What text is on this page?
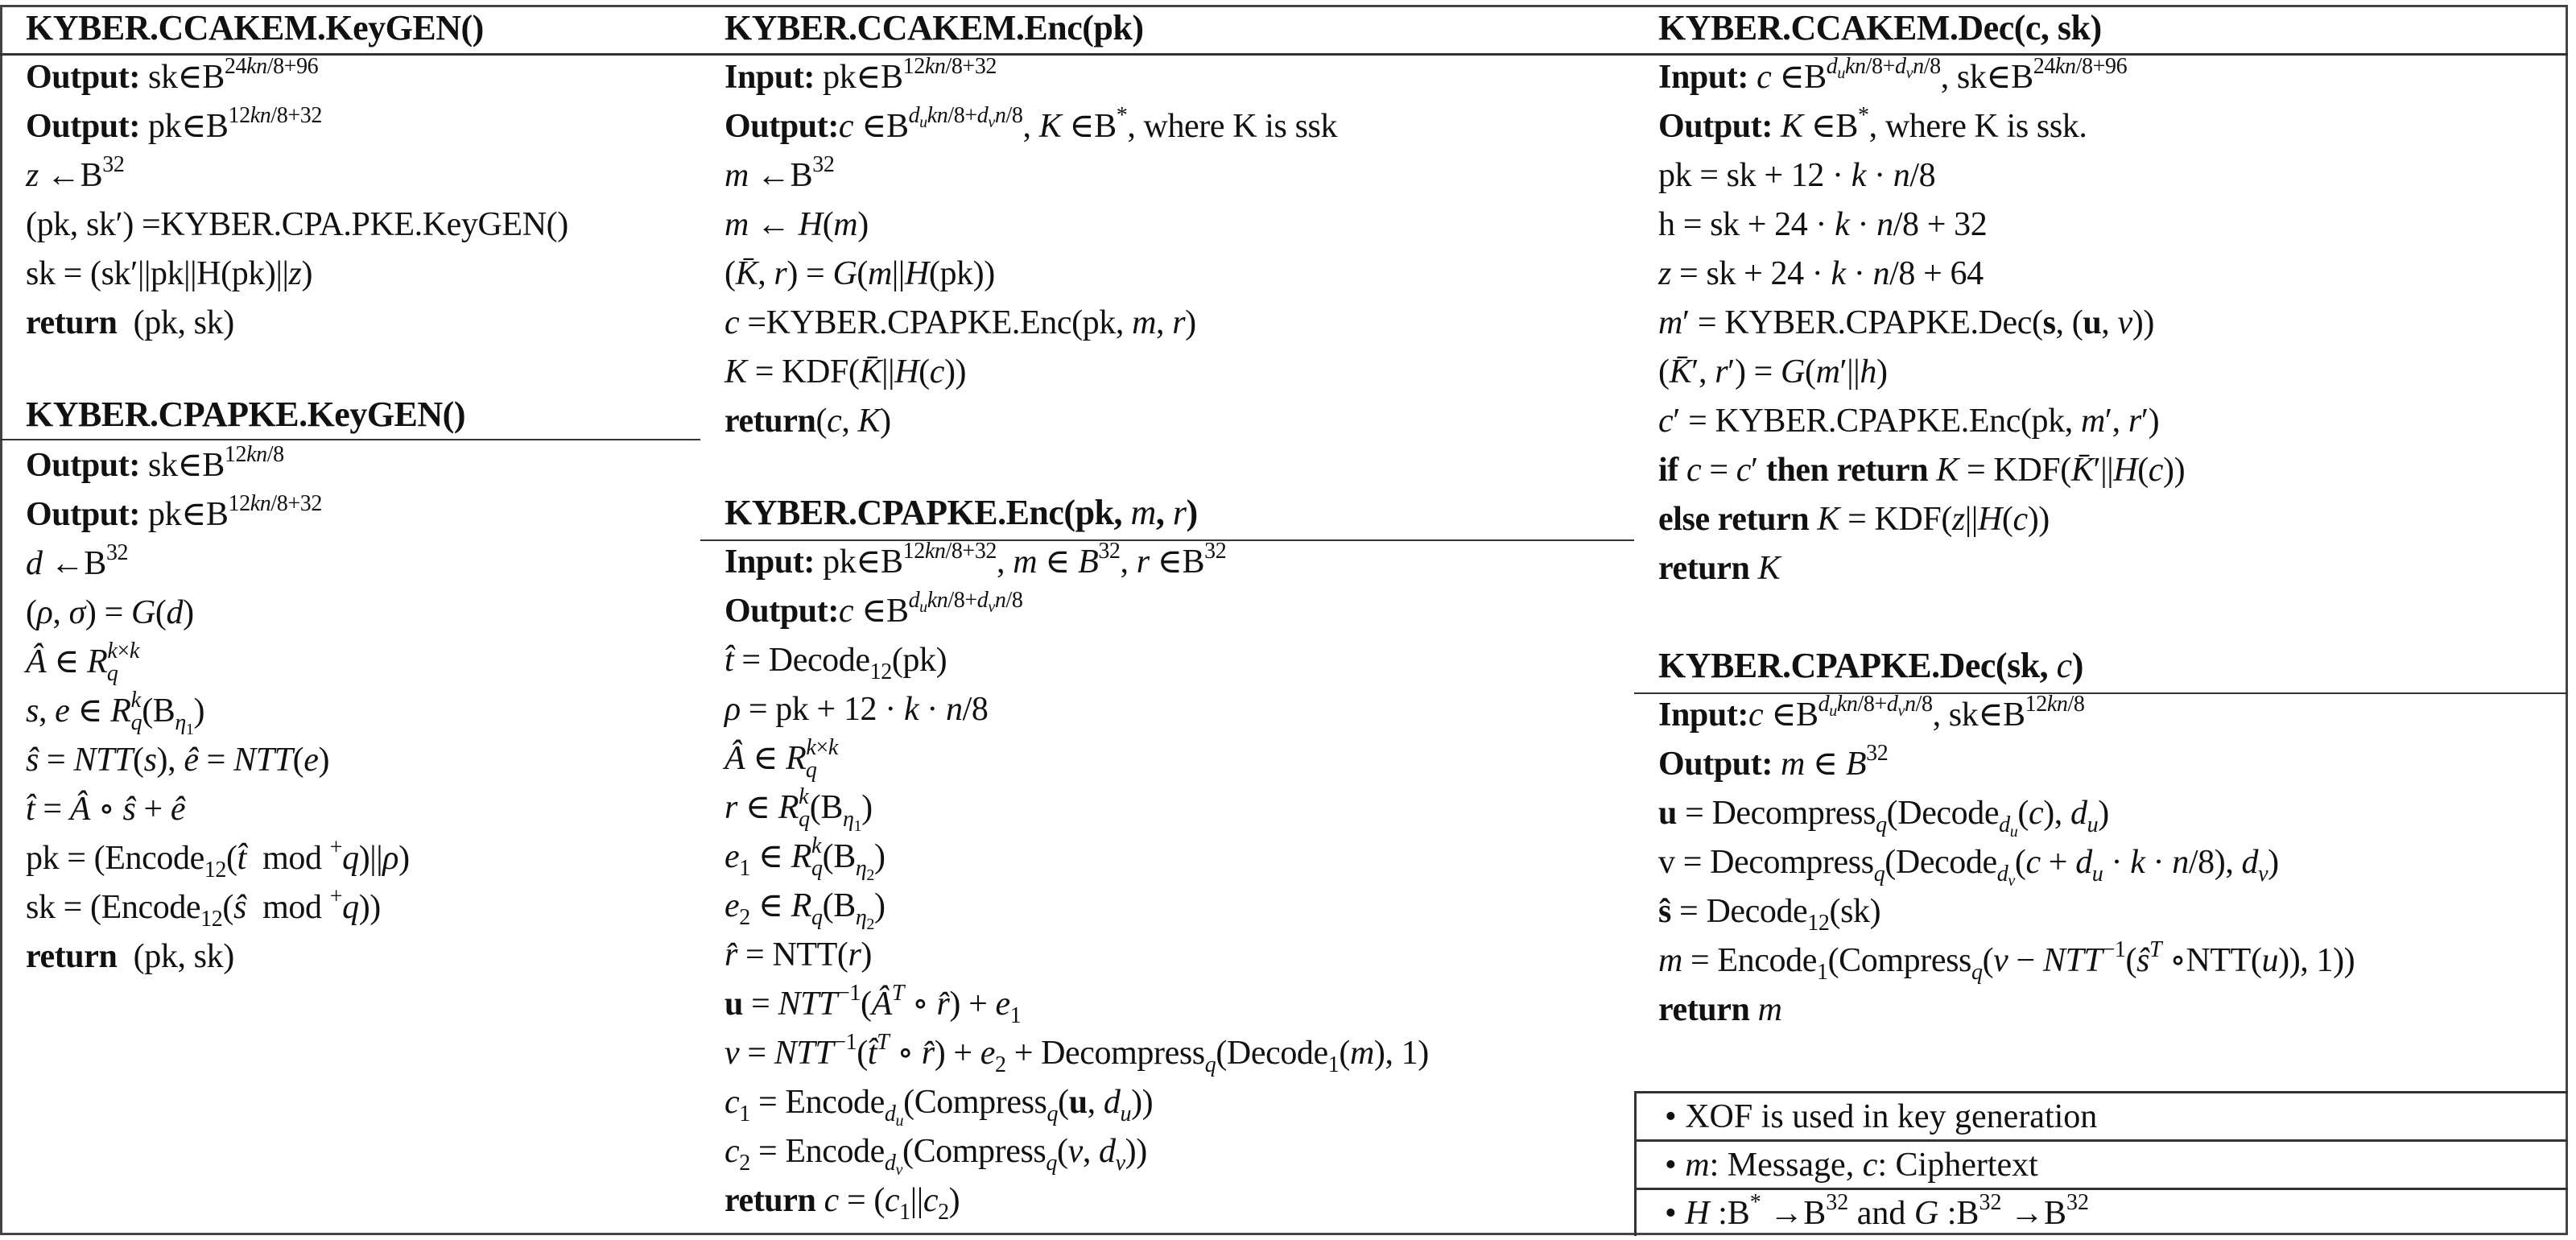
KYBER.CCAKEM.KeyGEN()
Output: $sk\in B^{24kn/8+96}$
Output: $pk\in B^{12kn/8+32}$
z $\leftarrow B^{32}$
(pk, sk′) =KYBER.CPA.PKE.KeyGEN()
sk = (sk′||pk||H(pk)||z)
return  (pk, sk)
KYBER.CPAPKE.KeyGEN()
Output: $sk\in B^{12kn/8}$
Output: $pk\in B^{12kn/8+32}$
d $\leftarrow B^{32}$
(ρ, σ) = G(d)
Â ∈ $R^{k\times k}_q$
s, e ∈ $R^k_q(B_{\eta_1})$
ŝ = NTT(s), ê = NTT(e)
t̂ = Â ∘ ŝ + ê
pk = (Encode$_{12}$(t̂  mod +q)||ρ)
sk = (Encode$_{12}$(ŝ  mod +q))
return  (pk, sk)
KYBER.CCAKEM.Enc(pk)
Input: $pk\in B^{12kn/8+32}$
Output:c $\in B^{d_ukn/8+d_vn/8}$, K ∈B*, where K is ssk
m $\leftarrow B^{32}$
m ← H(m)
(K̄, r) = G(m||H(pk))
c =KYBER.CPAPKE.Enc(pk, m, r)
K = KDF(K̄||H(c))
return(c, K)
KYBER.CPAPKE.Enc(pk, m, r)
Input: $pk\in B^{12kn/8+32}$, m ∈ $B^{32}$, r $\in B^{32}$
Output:c $\in B^{d_ukn/8+d_vn/8}$
t̂ = Decode$_{12}$(pk)
ρ = pk + 12 · k · n/8
Â ∈ $R^{k\times k}_q$
r ∈ $R^k_q(B_{\eta_1})$
$e_1$ ∈ $R^k_q(B_{\eta_2})$
$e_2$ ∈ $R_q(B_{\eta_2})$
r̂ = NTT(r)
$u = NTT^{-1}(Â^T$ ∘ r̂) + $e_1$
$v = NTT^{-1}(t̂^T$ ∘ r̂) + $e_2$ + Decompress$_q$(Decode$_1$(m), 1)
$c_1$ = Encode$_{d_u}$(Compress$_q$(u, $d_u$))
$c_2$ = Encode$_{d_v}$(Compress$_q$(v, $d_v$))
return $c = (c_1||c_2)$
KYBER.CCAKEM.Dec(c, sk)
Input: c $\in B^{d_ukn/8+d_vn/8}$, $sk\in B^{24kn/8+96}$
Output: K ∈B*, where K is ssk.
pk = sk + 12 · k · n/8
h = sk + 24 · k · n/8 + 32
z = sk + 24 · k · n/8 + 64
m′ = KYBER.CPAPKE.Dec(s, (u, v))
(K̄′, r′) = G(m′||h)
c′ = KYBER.CPAPKE.Enc(pk, m′, r′)
if c = c′ then return K = KDF(K̄′||H(c))
else return K = KDF(z||H(c))
return K
KYBER.CPAPKE.Dec(sk, c)
Input:c $\in B^{d_ukn/8+d_vn/8}$, $sk\in B^{12kn/8}$
Output: m ∈ $B^{32}$
u = Decompress$_q$(Decode$_{d_u}$(c), $d_u$)
v = Decompress$_q$(Decode$_{d_v}$(c + $d_u \cdot k \cdot n/8$), $d_v$)
ŝ = Decode$_{12}$(sk)
m = Encode$_1$(Compress$_q$(v − $NTT^{-1}(ŝ^T$ ∘NTT(u)), 1))
return m
• XOF is used in key generation
• m: Message, c: Ciphertext
• H :B* $\to B^{32}$ and G $:B^{32} \to B^{32}$
